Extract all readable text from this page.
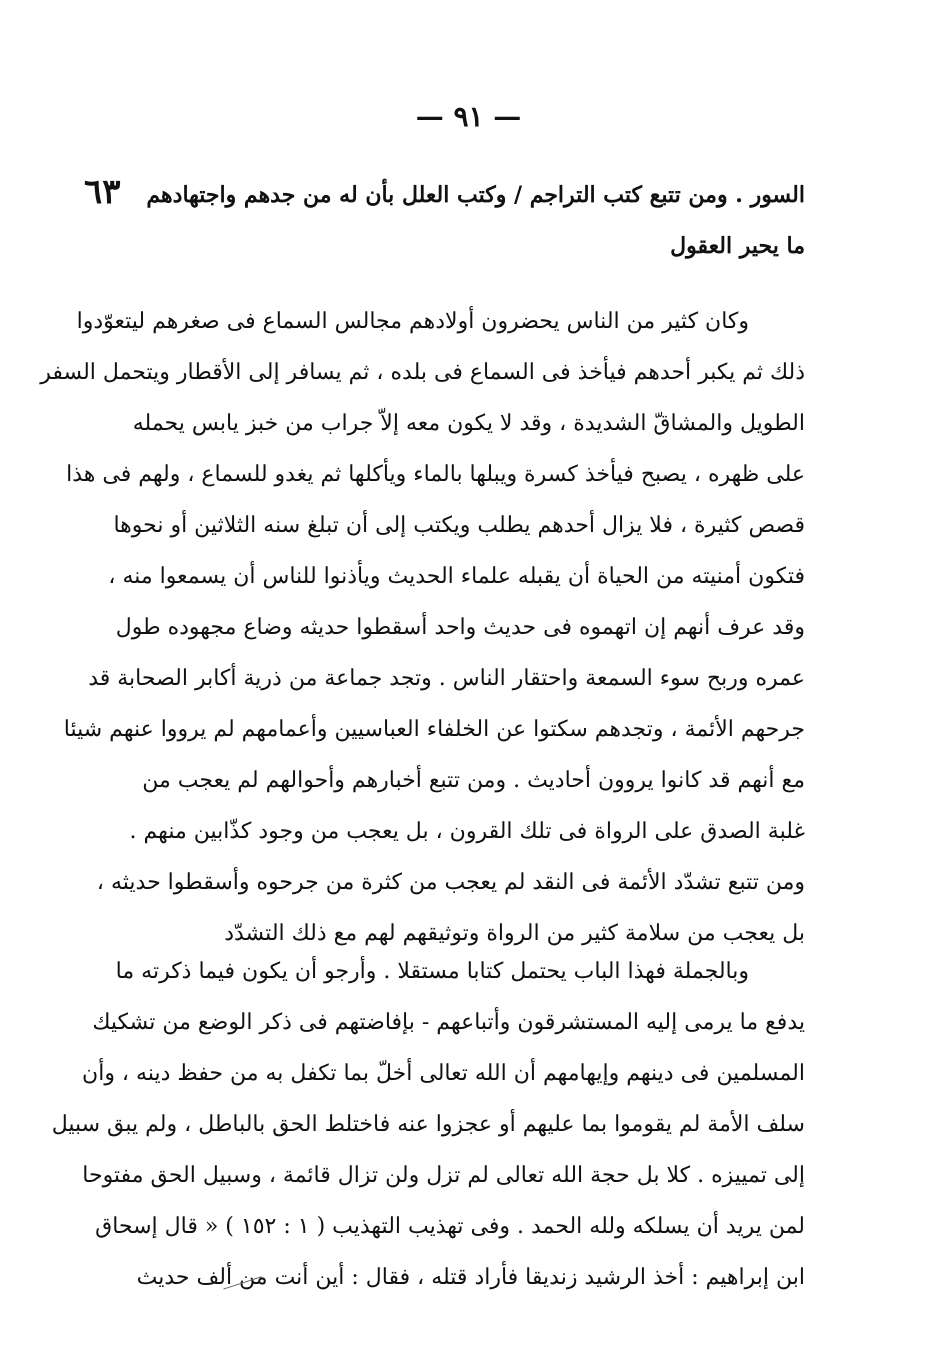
— ٩١ —
٦٣ السور . ومن تتبع كتب التراجم / وكتب العلل بأن له من جدهم واجتهادهم
ما يحير العقول
وكان كثير من الناس يحضرون أولادهم مجالس السماع فى صغرهم ليتعوّدوا
ذلك ثم يكبر أحدهم فيأخذ فى السماع فى بلده ، ثم يسافر إلى الأقطار ويتحمل السفر
الطويل والمشاقّ الشديدة ، وقد لا يكون معه إلاّ جراب من خبز يابس يحمله
على ظهره ، يصبح فيأخذ كسرة ويبلها بالماء ويأكلها ثم يغدو للسماع ، ولهم فى هذا
قصص كثيرة ، فلا يزال أحدهم يطلب ويكتب إلى أن تبلغ سنه الثلاثين أو نحوها
فتكون أمنيته من الحياة أن يقبله علماء الحديث ويأذنوا للناس أن يسمعوا منه ،
وقد عرف أنهم إن اتهموه فى حديث واحد أسقطوا حديثه وضاع مجهوده طول
عمره وربح سوء السمعة واحتقار الناس . وتجد جماعة من ذرية أكابر الصحابة قد
جرحهم الأئمة ، وتجدهم سكتوا عن الخلفاء العباسيين وأعمامهم لم يرووا عنهم شيئا
مع أنهم قد كانوا يروون أحاديث . ومن تتبع أخبارهم وأحوالهم لم يعجب من
غلبة الصدق على الرواة فى تلك القرون ، بل يعجب من وجود كذّابين منهم .
ومن تتبع تشدّد الأئمة فى النقد لم يعجب من كثرة من جرحوه وأسقطوا حديثه ،
بل يعجب من سلامة كثير من الرواة وتوثيقهم لهم مع ذلك التشدّد
وبالجملة فهذا الباب يحتمل كتابا مستقلا . وأرجو أن يكون فيما ذكرته ما
يدفع ما يرمى إليه المستشرقون وأتباعهم - بإفاضتهم فى ذكر الوضع من تشكيك
المسلمين فى دينهم وإيهامهم أن الله تعالى أخلّ بما تكفل به من حفظ دينه ، وأن
سلف الأمة لم يقوموا بما عليهم أو عجزوا عنه فاختلط الحق بالباطل ، ولم يبق سبيل
إلى تمييزه . كلا بل حجة الله تعالى لم تزل ولن تزال قائمة ، وسبيل الحق مفتوحا
لمن يريد أن يسلكه ولله الحمد . وفى تهذيب التهذيب ( ١ : ١٥٢ ) « قال إسحاق
ابن إبراهيم : أخذ الرشيد زنديقا فأراد قتله ، فقال : أين أنت من ألف حديث
